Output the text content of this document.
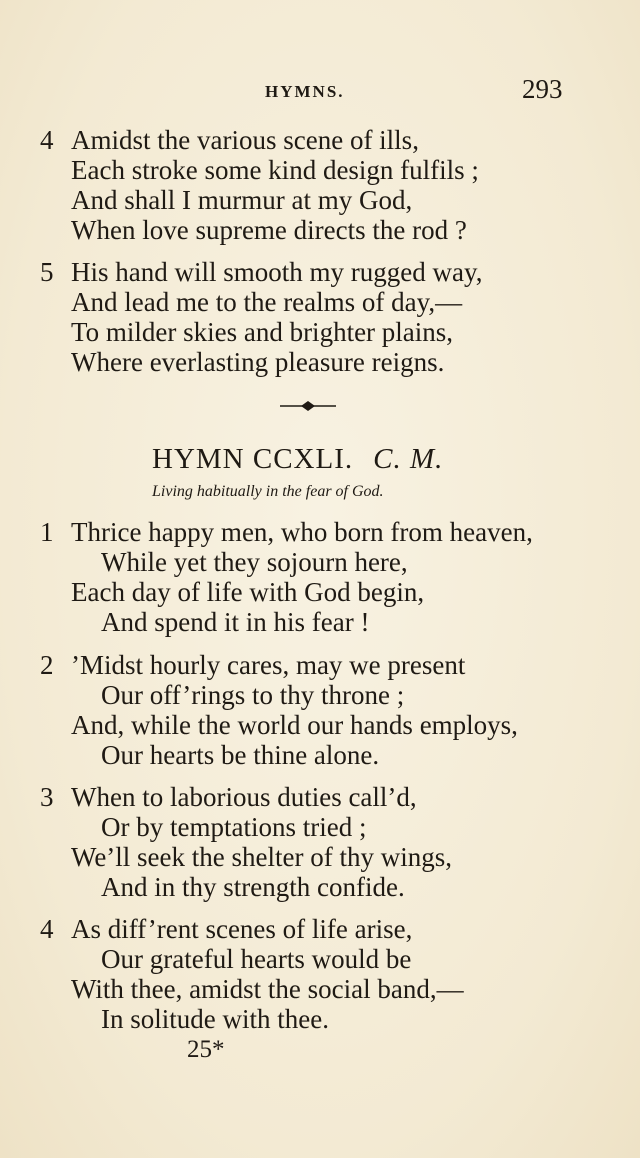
HYMNS.	293
4 Amidst the various scene of ills,
Each stroke some kind design fulfils ;
And shall I murmur at my God,
When love supreme directs the rod ?
5 His hand will smooth my rugged way,
And lead me to the realms of day,—
To milder skies and brighter plains,
Where everlasting pleasure reigns.
HYMN CCXLI. C. M.
Living habitually in the fear of God.
1 Thrice happy men, who born from heaven,
While yet they sojourn here,
Each day of life with God begin,
And spend it in his fear !
2 ’Midst hourly cares, may we present
Our off’rings to thy throne ;
And, while the world our hands employs,
Our hearts be thine alone.
3 When to laborious duties call’d,
Or by temptations tried ;
We’ll seek the shelter of thy wings,
And in thy strength confide.
4 As diff’rent scenes of life arise,
Our grateful hearts would be
With thee, amidst the social band,—
In solitude with thee.
25*
